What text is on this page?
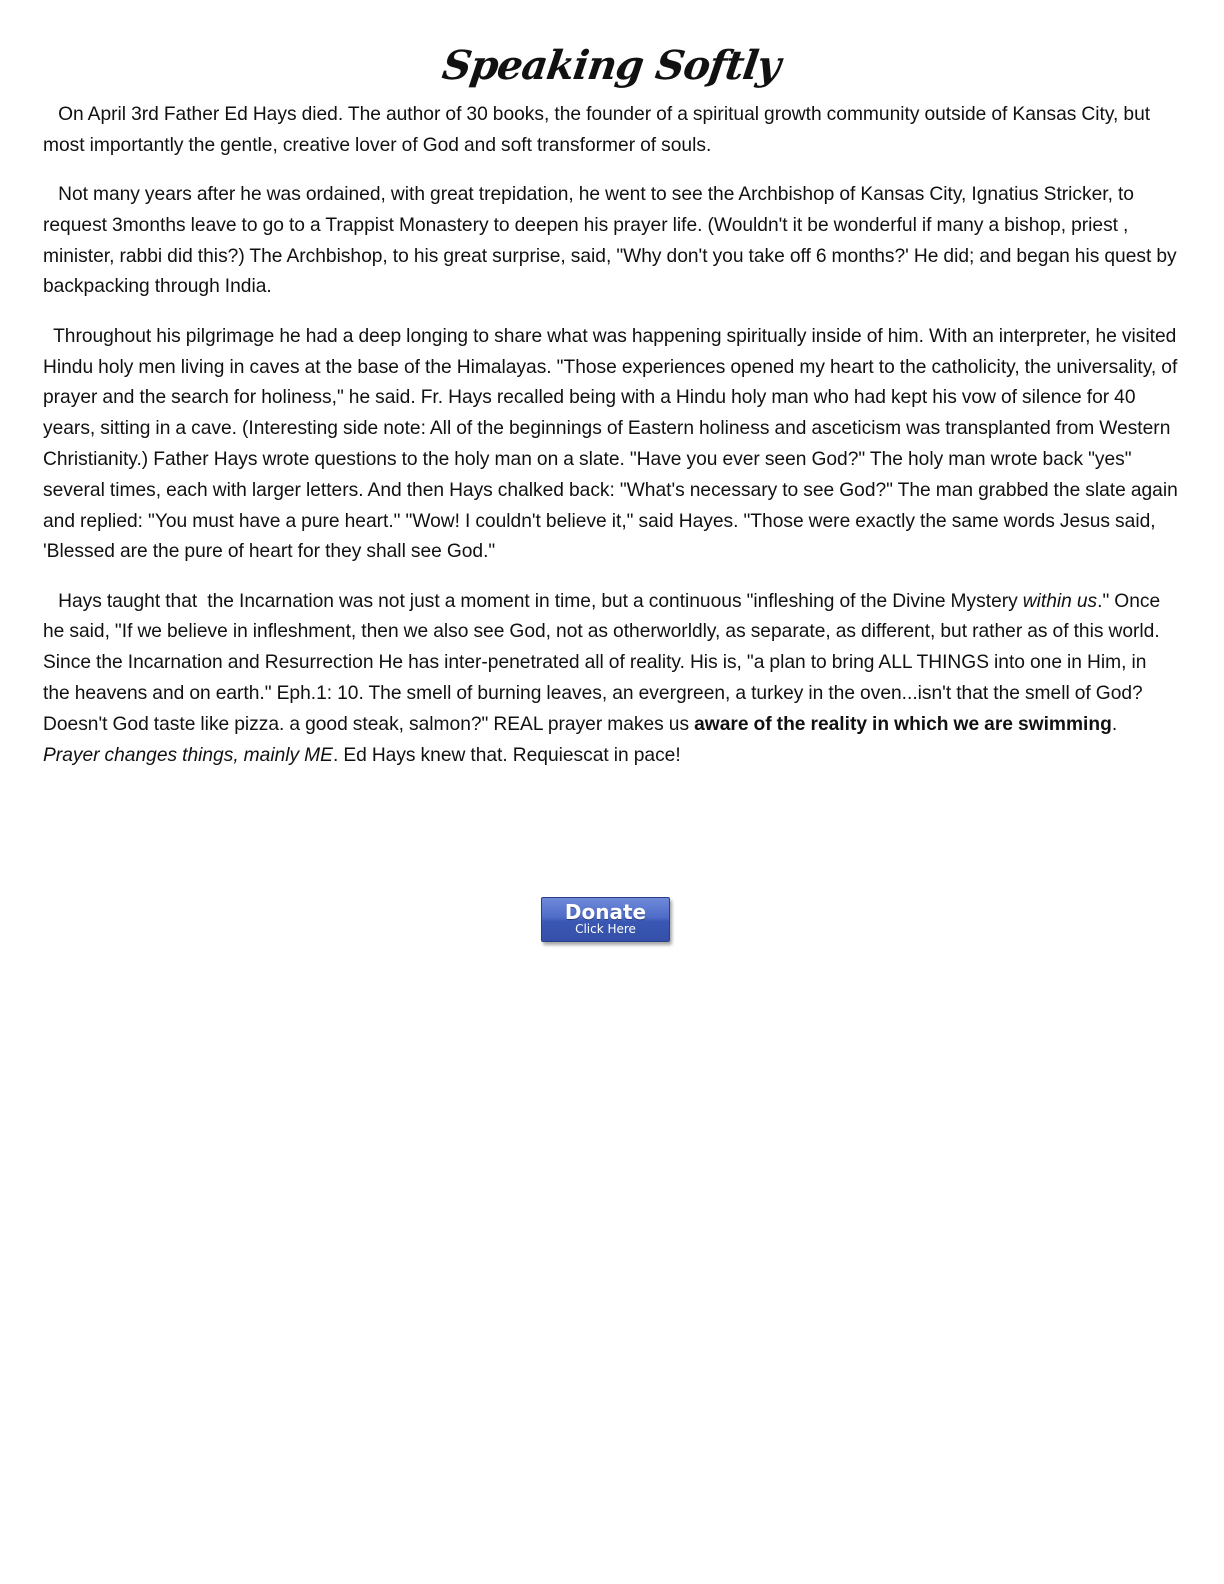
Speaking Softly

On April 3rd Father Ed Hays died. The author of 30 books, the founder of a spiritual growth community outside of Kansas City, but most importantly the gentle, creative lover of God and soft transformer of souls.

Not many years after he was ordained, with great trepidation, he went to see the Archbishop of Kansas City, Ignatius Stricker, to request 3months leave to go to a Trappist Monastery to deepen his prayer life. (Wouldn't it be wonderful if many a bishop, priest , minister, rabbi did this?) The Archbishop, to his great surprise, said, "Why don't you take off 6 months?' He did; and began his quest by backpacking through India.

Throughout his pilgrimage he had a deep longing to share what was happening spiritually inside of him. With an interpreter, he visited Hindu holy men living in caves at the base of the Himalayas. "Those experiences opened my heart to the catholicity, the universality, of prayer and the search for holiness," he said. Fr. Hays recalled being with a Hindu holy man who had kept his vow of silence for 40 years, sitting in a cave. (Interesting side note: All of the beginnings of Eastern holiness and asceticism was transplanted from Western Christianity.) Father Hays wrote questions to the holy man on a slate. "Have you ever seen God?" The holy man wrote back "yes" several times, each with larger letters. And then Hays chalked back: "What's necessary to see God?" The man grabbed the slate again and replied: "You must have a pure heart." "Wow! I couldn't believe it," said Hayes. "Those were exactly the same words Jesus said, 'Blessed are the pure of heart for they shall see God."

Hays taught that  the Incarnation was not just a moment in time, but a continuous "infleshing of the Divine Mystery within us." Once he said, "If we believe in infleshment, then we also see God, not as otherworldly, as separate, as different, but rather as of this world.  Since the Incarnation and Resurrection He has inter-penetrated all of reality. His is, "a plan to bring ALL THINGS into one in Him, in the heavens and on earth." Eph.1: 10. The smell of burning leaves, an evergreen, a turkey in the oven...isn't that the smell of God? Doesn't God taste like pizza. a good steak, salmon?" REAL prayer makes us aware of the reality in which we are swimming. Prayer changes things, mainly ME. Ed Hays knew that. Requiescat in pace!

Donate
Click Here
